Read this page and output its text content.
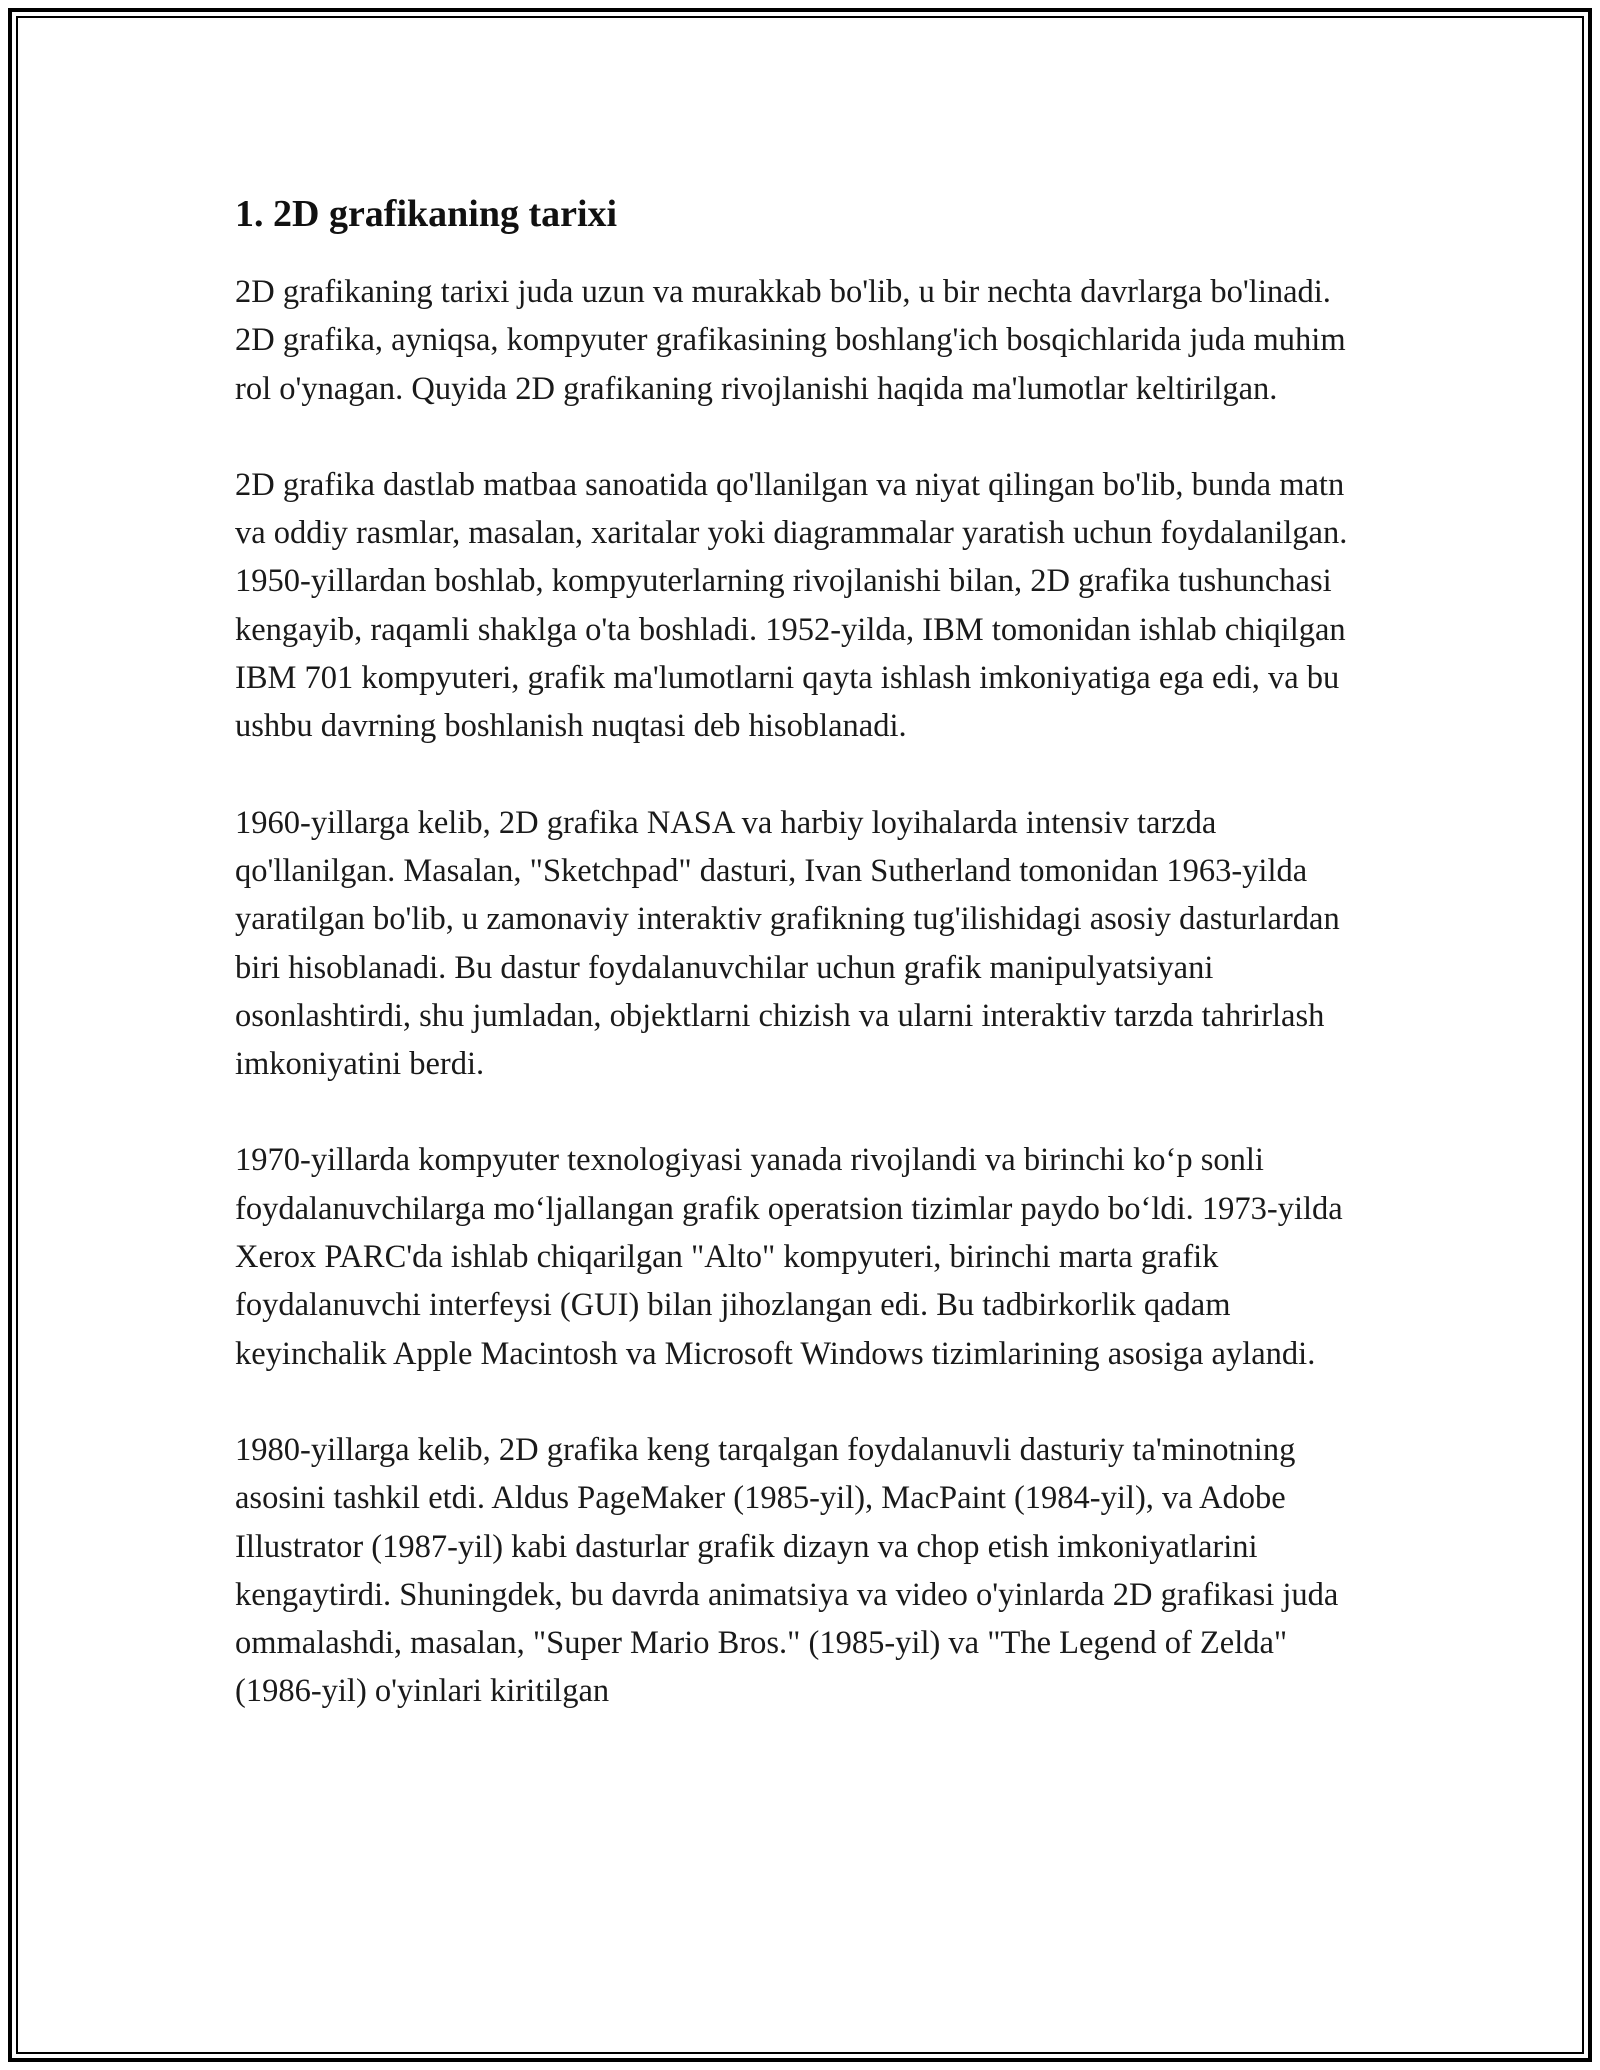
1. 2D grafikaning tarixi

2D grafikaning tarixi juda uzun va murakkab bo'lib, u bir nechta davrlarga bo'linadi. 2D grafika, ayniqsa, kompyuter grafikasining boshlang'ich bosqichlarida juda muhim rol o'ynagan. Quyida 2D grafikaning rivojlanishi haqida ma'lumotlar keltirilgan.

2D grafika dastlab matbaa sanoatida qo'llanilgan va niyat qilingan bo'lib, bunda matn va oddiy rasmlar, masalan, xaritalar yoki diagrammalar yaratish uchun foydalanilgan. 1950-yillardan boshlab, kompyuterlarning rivojlanishi bilan, 2D grafika tushunchasi kengayib, raqamli shaklga o'ta boshladi. 1952-yilda, IBM tomonidan ishlab chiqilgan IBM 701 kompyuteri, grafik ma'lumotlarni qayta ishlash imkoniyatiga ega edi, va bu ushbu davrning boshlanish nuqtasi deb hisoblanadi.

1960-yillarga kelib, 2D grafika NASA va harbiy loyihalarda intensiv tarzda qo'llanilgan. Masalan, "Sketchpad" dasturi, Ivan Sutherland tomonidan 1963-yilda yaratilgan bo'lib, u zamonaviy interaktiv grafikning tug'ilishidagi asosiy dasturlardan biri hisoblanadi. Bu dastur foydalanuvchilar uchun grafik manipulyatsiyani osonlashtirdi, shu jumladan, objektlarni chizish va ularni interaktiv tarzda tahrirlash imkoniyatini berdi.

1970-yillarda kompyuter texnologiyasi yanada rivojlandi va birinchi ko‘p sonli foydalanuvchilarga mo‘ljallangan grafik operatsion tizimlar paydo bo‘ldi. 1973-yilda Xerox PARC'da ishlab chiqarilgan "Alto" kompyuteri, birinchi marta grafik foydalanuvchi interfeysi (GUI) bilan jihozlangan edi. Bu tadbirkorlik qadam keyinchalik Apple Macintosh va Microsoft Windows tizimlarining asosiga aylandi.

1980-yillarga kelib, 2D grafika keng tarqalgan foydalanuvli dasturiy ta'minotning asosini tashkil etdi. Aldus PageMaker (1985-yil), MacPaint (1984-yil), va Adobe Illustrator (1987-yil) kabi dasturlar grafik dizayn va chop etish imkoniyatlarini kengaytirdi. Shuningdek, bu davrda animatsiya va video o'yinlarda 2D grafikasi juda ommalashdi, masalan, "Super Mario Bros." (1985-yil) va "The Legend of Zelda" (1986-yil) o'yinlari kiritilgan
